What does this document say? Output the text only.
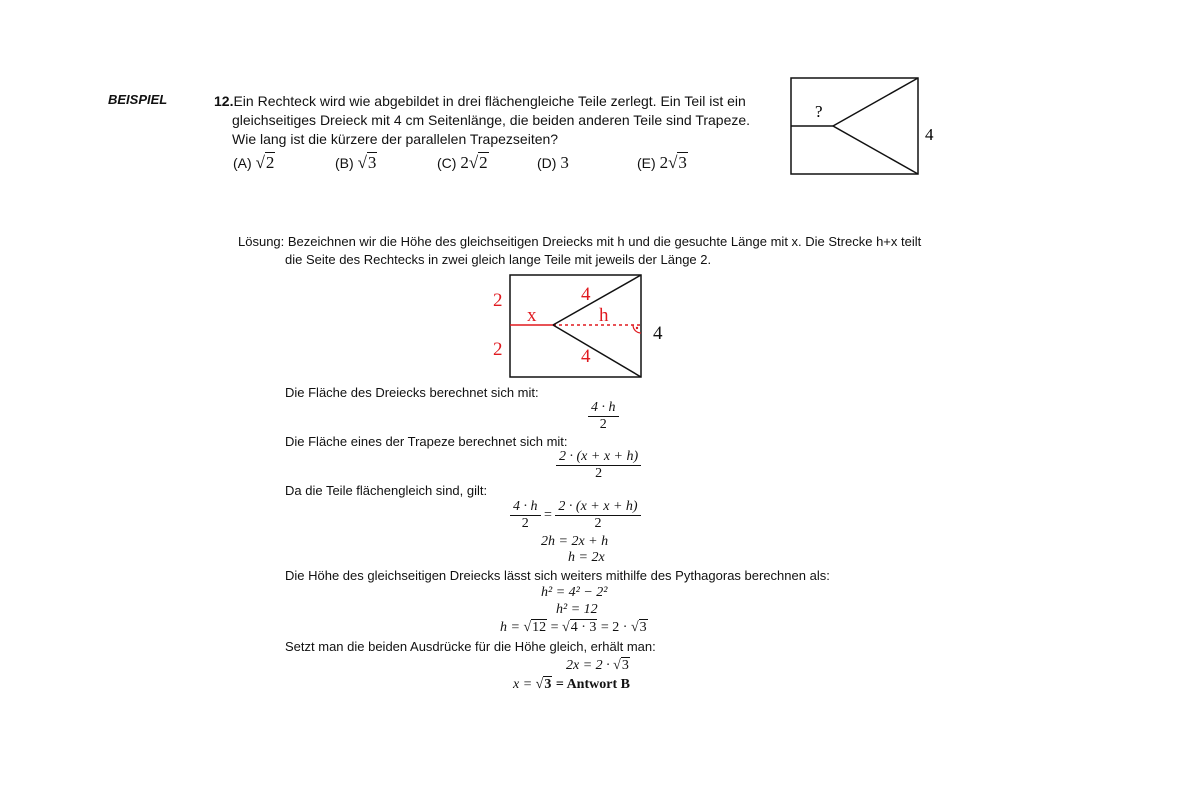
BEISPIEL	12.Ein Rechteck wird wie abgebildet in drei flächengleiche Teile zerlegt. Ein Teil ist ein
gleichseitiges Dreieck mit 4 cm Seitenlänge, die beiden anderen Teile sind Trapeze.
Wie lang ist die kürzere der parallelen Trapezseiten?
(A) √2	(B) √3	(C) 2√2	(D) 3	(E) 2√3
?
4
Lösung: Bezeichnen wir die Höhe des gleichseitigen Dreiecks mit h und die gesuchte Länge mit x. Die Strecke h+x teilt
die Seite des Rechtecks in zwei gleich lange Teile mit jeweils der Länge 2.
2
2
4
4
x	h
4
Die Fläche des Dreiecks berechnet sich mit:
$\frac{4 \cdot h}{2}$
Die Fläche eines der Trapeze berechnet sich mit:
$\frac{2 \cdot (x + x + h)}{2}$
Da die Teile flächengleich sind, gilt:
$\frac{4 \cdot h}{2} = \frac{2 \cdot (x + x + h)}{2}$
2h = 2x + h
h = 2x
Die Höhe des gleichseitigen Dreiecks lässt sich weiters mithilfe des Pythagoras berechnen als:
h² = 4² − 2²
h² = 12
h = √12 = √4 · 3 = 2 · √3
Setzt man die beiden Ausdrücke für die Höhe gleich, erhält man:
2x = 2 · √3
x = √3 = Antwort B
